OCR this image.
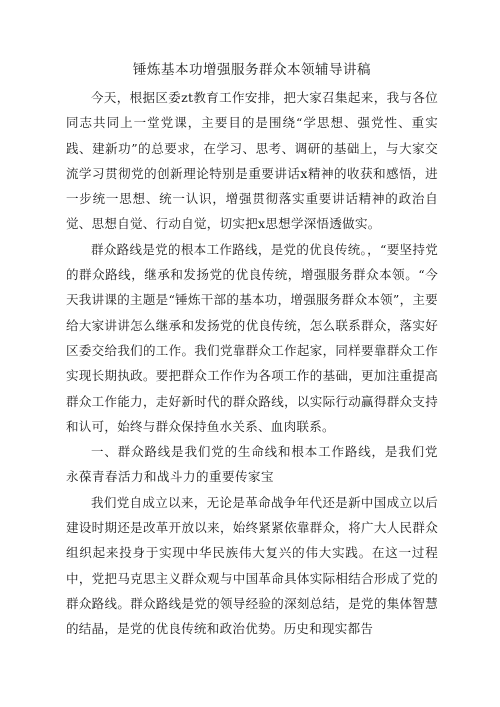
锤炼基本功增强服务群众本领辅导讲稿

今天，根据区委zt教育工作安排，把大家召集起来，我与各位同志共同上一堂党课，主要目的是围绕“学思想、强党性、重实践、建新功”的总要求，在学习、思考、调研的基础上，与大家交流学习贯彻党的创新理论特别是重要讲话x精神的收获和感悟，进一步统一思想、统一认识，增强贯彻落实重要讲话精神的政治自觉、思想自觉、行动自觉，切实把x思想学深悟透做实。

群众路线是党的根本工作路线，是党的优良传统。，“要坚持党的群众路线，继承和发扬党的优良传统，增强服务群众本领。“今天我讲课的主题是“锤炼干部的基本功，增强服务群众本领”，主要给大家讲讲怎么继承和发扬党的优良传统，怎么联系群众，落实好区委交给我们的工作。我们党靠群众工作起家，同样要靠群众工作实现长期执政。要把群众工作作为各项工作的基础，更加注重提高群众工作能力，走好新时代的群众路线，以实际行动赢得群众支持和认可，始终与群众保持鱼水关系、血肉联系。

一、群众路线是我们党的生命线和根本工作路线，是我们党永葆青春活力和战斗力的重要传家宝

我们党自成立以来，无论是革命战争年代还是新中国成立以后建设时期还是改革开放以来，始终紧紧依靠群众，将广大人民群众组织起来投身于实现中华民族伟大复兴的伟大实践。在这一过程中，党把马克思主义群众观与中国革命具体实际相结合形成了党的群众路线。群众路线是党的领导经验的深刻总结，是党的集体智慧的结晶，是党的优良传统和政治优势。历史和现实都告
